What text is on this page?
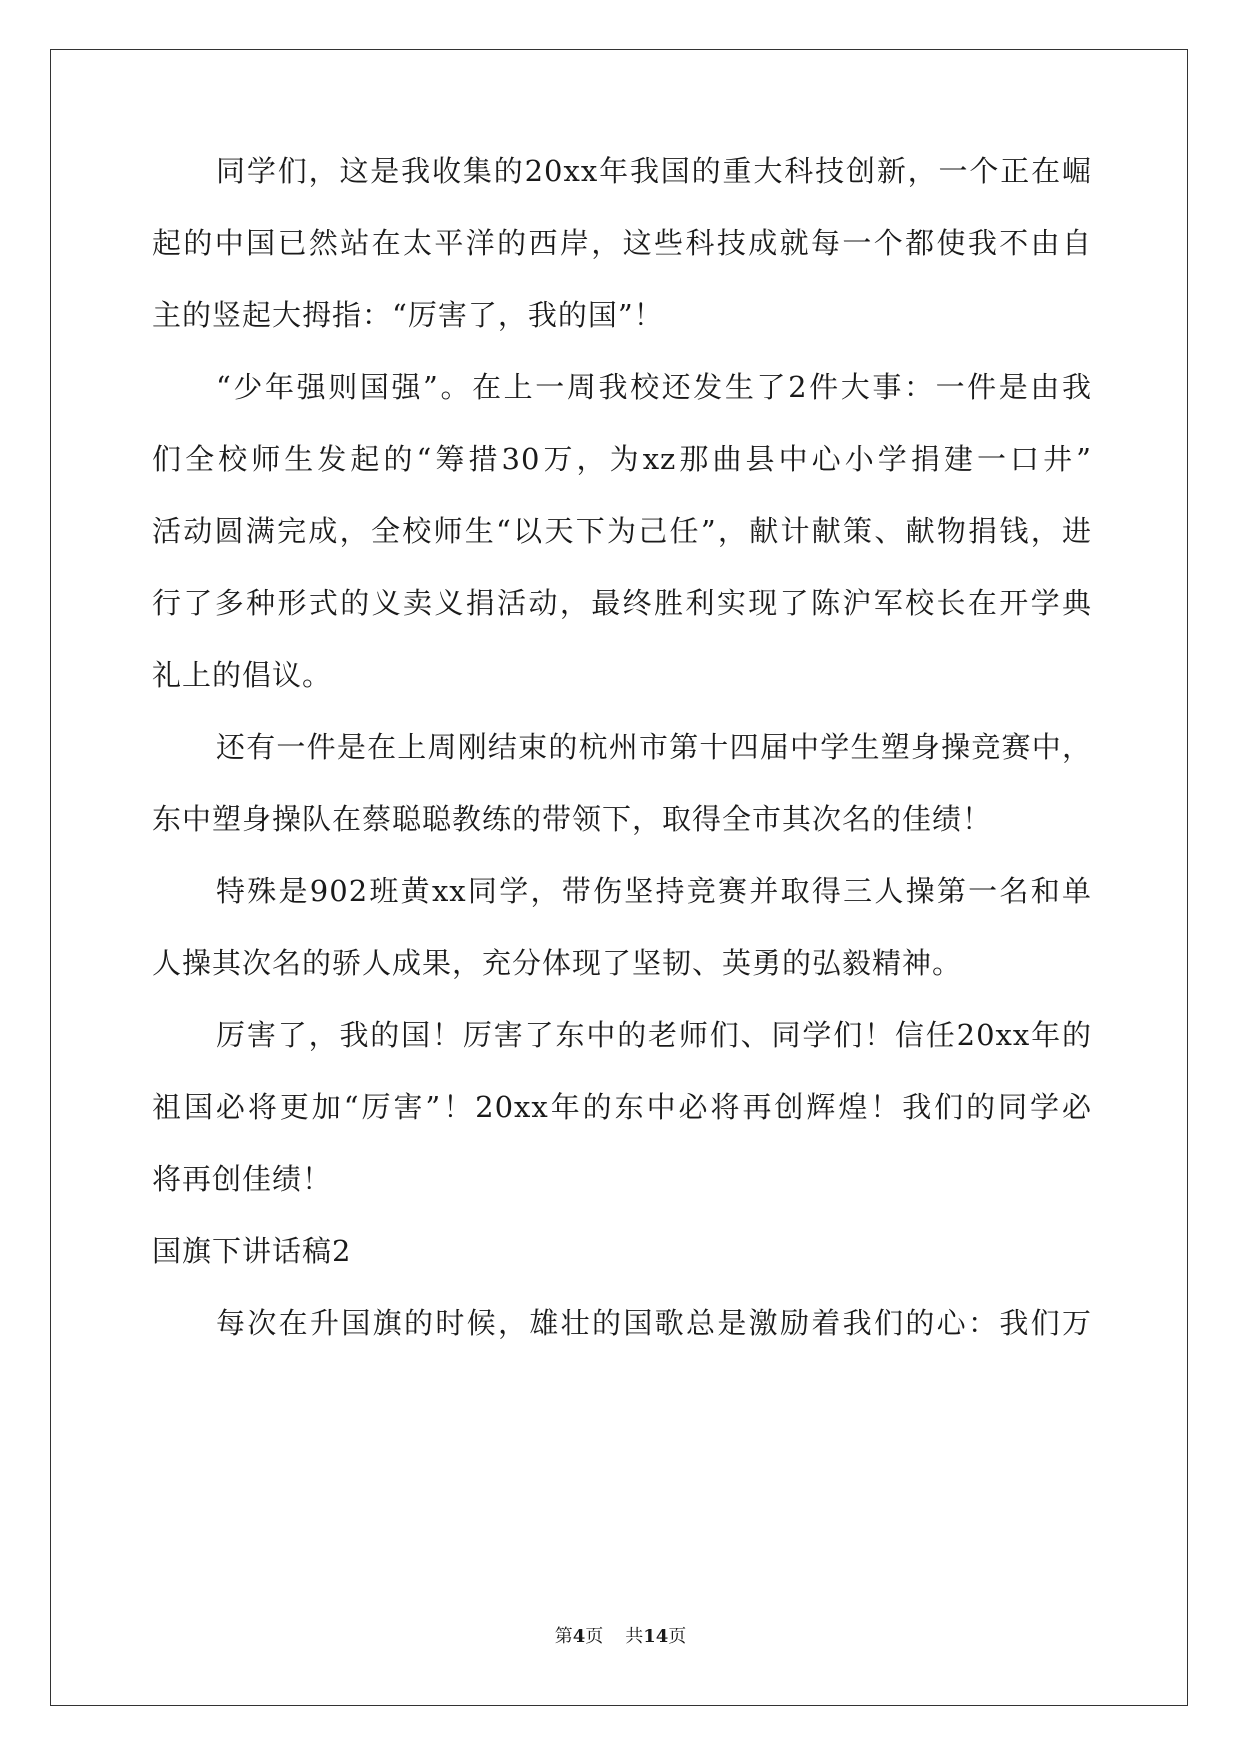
同学们，这是我收集的20xx年我国的重大科技创新，一个正在崛
起的中国已然站在太平洋的西岸，这些科技成就每一个都使我不由自
主的竖起大拇指：“厉害了，我的国”！
“少年强则国强”。在上一周我校还发生了2件大事：一件是由我
们全校师生发起的“筹措30万，为xz那曲县中心小学捐建一口井”
活动圆满完成，全校师生“以天下为己任”，献计献策、献物捐钱，进
行了多种形式的义卖义捐活动，最终胜利实现了陈沪军校长在开学典
礼上的倡议。
还有一件是在上周刚结束的杭州市第十四届中学生塑身操竞赛中，
东中塑身操队在蔡聪聪教练的带领下，取得全市其次名的佳绩！
特殊是902班黄xx同学，带伤坚持竞赛并取得三人操第一名和单
人操其次名的骄人成果，充分体现了坚韧、英勇的弘毅精神。
厉害了，我的国！厉害了东中的老师们、同学们！信任20xx年的
祖国必将更加“厉害”！20xx年的东中必将再创辉煌！我们的同学必
将再创佳绩！
国旗下讲话稿2
每次在升国旗的时候，雄壮的国歌总是激励着我们的心：我们万
第4页 共14页
